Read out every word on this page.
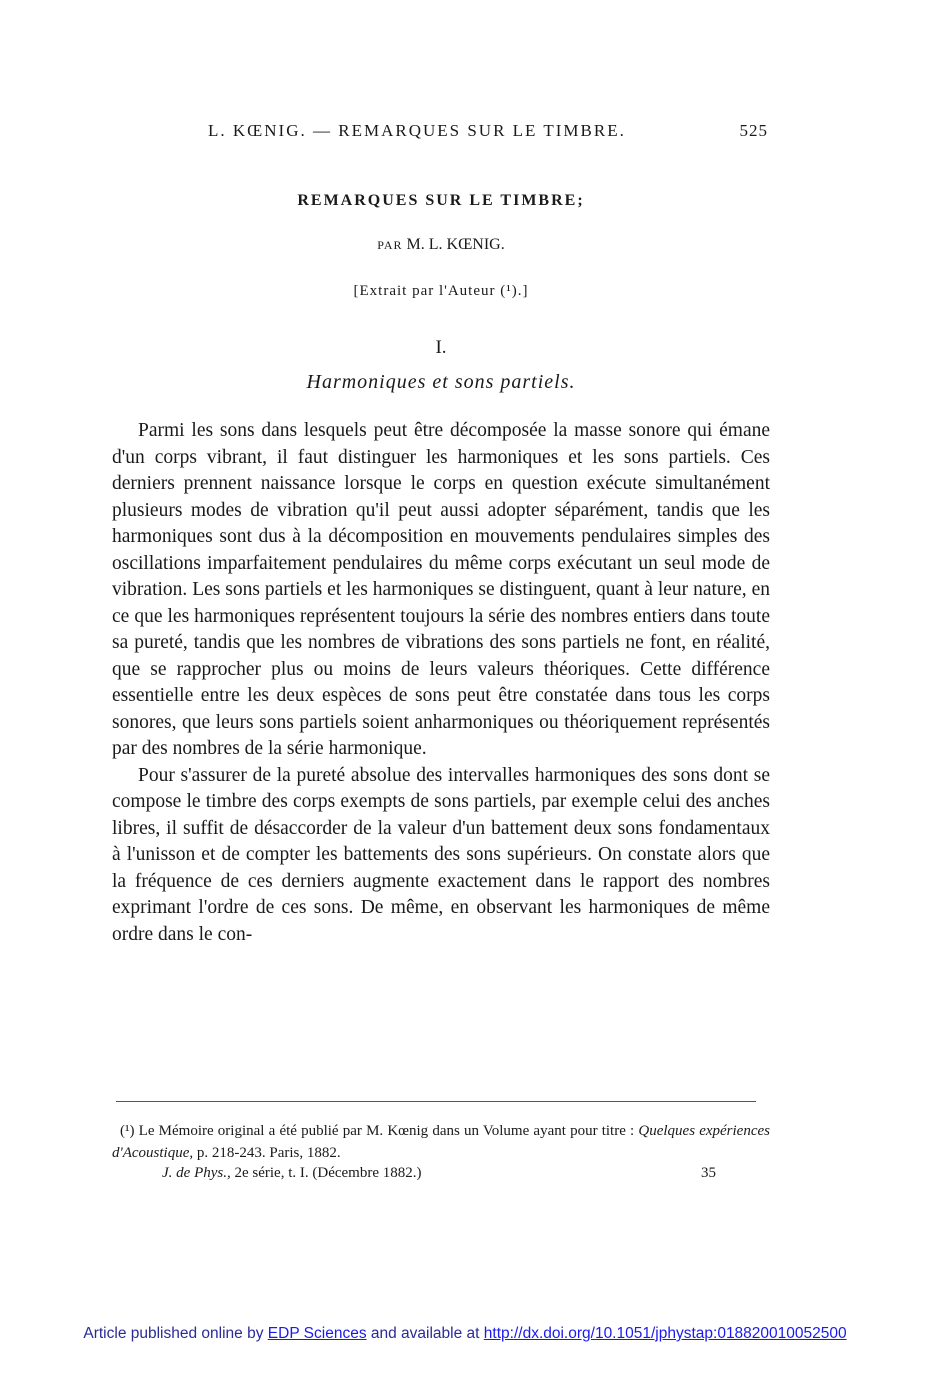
L. KŒNIG. — REMARQUES SUR LE TIMBRE.	525
REMARQUES SUR LE TIMBRE;
PAR M. L. KŒNIG.
[Extrait par l'Auteur (¹).]
I.
Harmoniques et sons partiels.

Parmi les sons dans lesquels peut être décomposée la masse sonore qui émane d'un corps vibrant, il faut distinguer les harmoniques et les sons partiels. Ces derniers prennent naissance lorsque le corps en question exécute simultanément plusieurs modes de vibration qu'il peut aussi adopter séparément, tandis que les harmoniques sont dus à la décomposition en mouvements pendulaires simples des oscillations imparfaitement pendulaires du même corps exécutant un seul mode de vibration. Les sons partiels et les harmoniques se distinguent, quant à leur nature, en ce que les harmoniques représentent toujours la série des nombres entiers dans toute sa pureté, tandis que les nombres de vibrations des sons partiels ne font, en réalité, que se rapprocher plus ou moins de leurs valeurs théoriques. Cette différence essentielle entre les deux espèces de sons peut être constatée dans tous les corps sonores, que leurs sons partiels soient anharmoniques ou théoriquement représentés par des nombres de la série harmonique.

Pour s'assurer de la pureté absolue des intervalles harmoniques des sons dont se compose le timbre des corps exempts de sons partiels, par exemple celui des anches libres, il suffit de désaccorder de la valeur d'un battement deux sons fondamentaux à l'unisson et de compter les battements des sons supérieurs. On constate alors que la fréquence de ces derniers augmente exactement dans le rapport des nombres exprimant l'ordre de ces sons. De même, en observant les harmoniques de même ordre dans le con-

(¹) Le Mémoire original a été publié par M. Kœnig dans un Volume ayant pour titre : Quelques expériences d'Acoustique, p. 218-243. Paris, 1882.

J. de Phys., 2e série, t. I. (Décembre 1882.)	35
Article published online by EDP Sciences and available at http://dx.doi.org/10.1051/jphystap:018820010052500
